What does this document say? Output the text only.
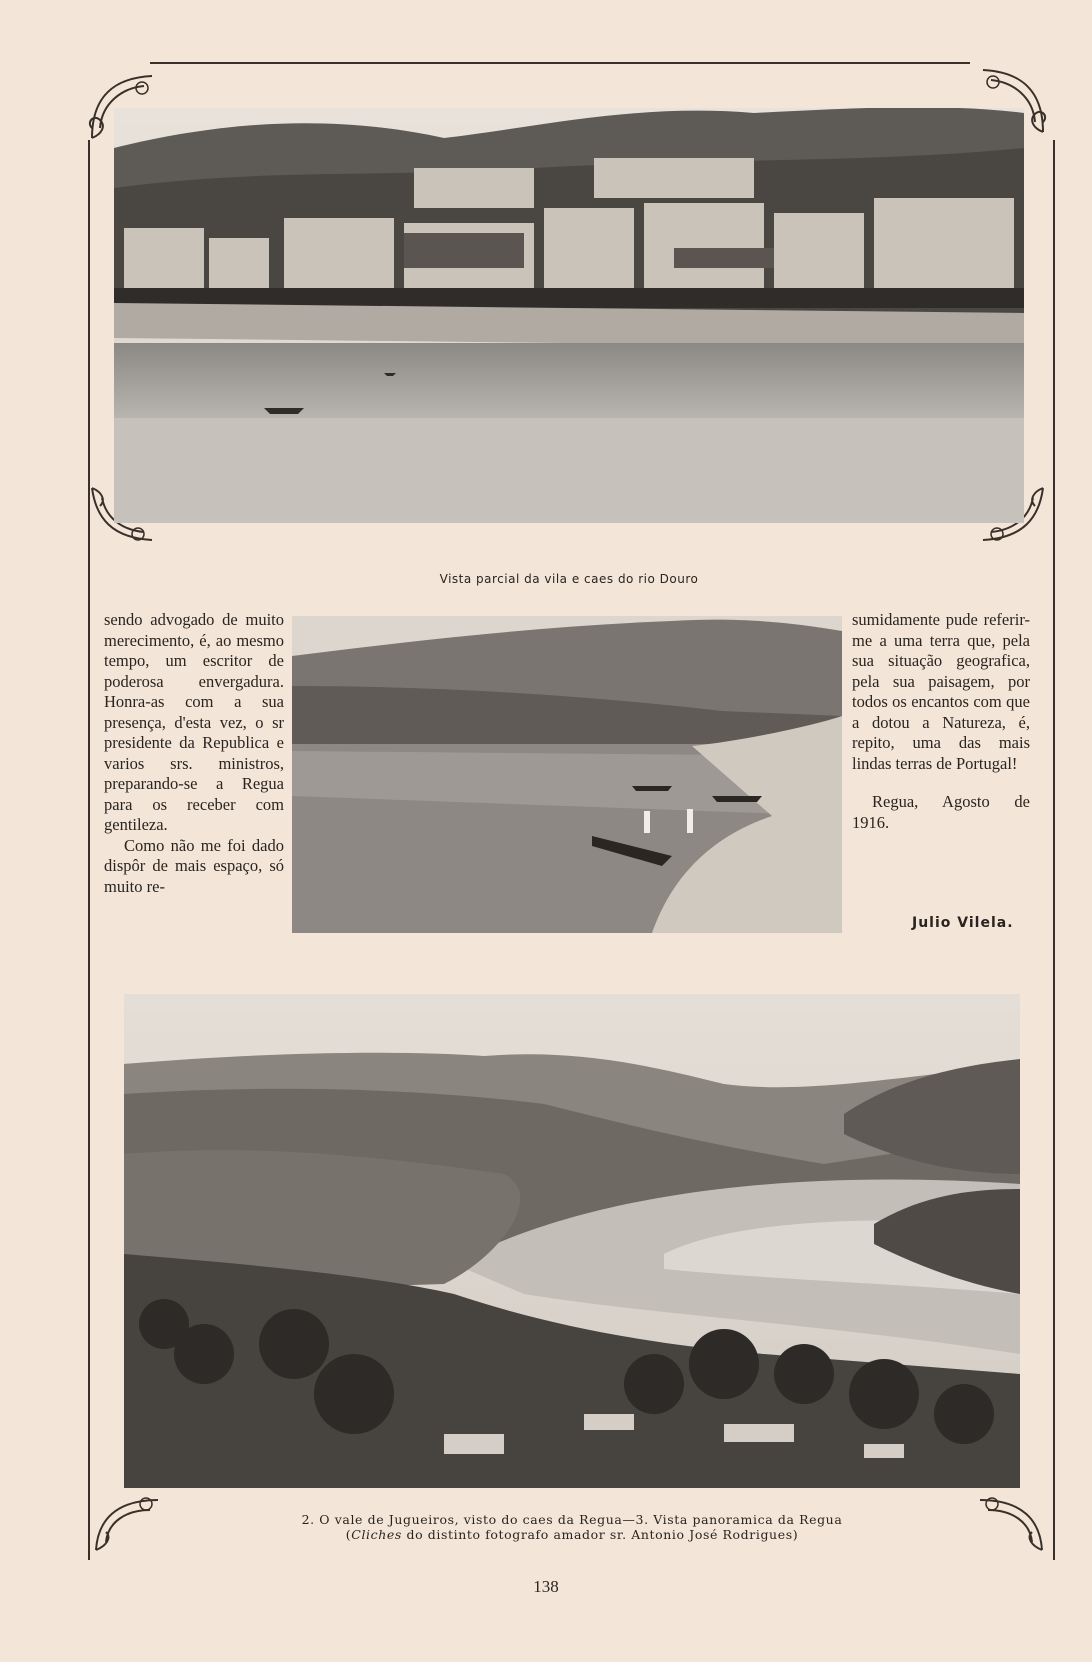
Vista parcial da vila e caes do rio Douro

sendo advogado de muito merecimento, é, ao mesmo tempo, um escritor de poderosa envergadura. Honra-as com a sua presença, d'esta vez, o sr presidente da Republica e varios srs. ministros, preparando-se a Regua para os receber com gentileza.

Como não me foi dado dispôr de mais espaço, só muito re-

sumidamente pude referir-me a uma terra que, pela sua situação geografica, pela sua paisagem, por todos os encantos com que a dotou a Natureza, é, repito, uma das mais lindas terras de Portugal!

Regua, Agosto de 1916.

Julio Vilela.
2. O vale de Jugueiros, visto do caes da Regua—3. Vista panoramica da Regua
(Cliches do distinto fotografo amador sr. Antonio José Rodrigues)
138
